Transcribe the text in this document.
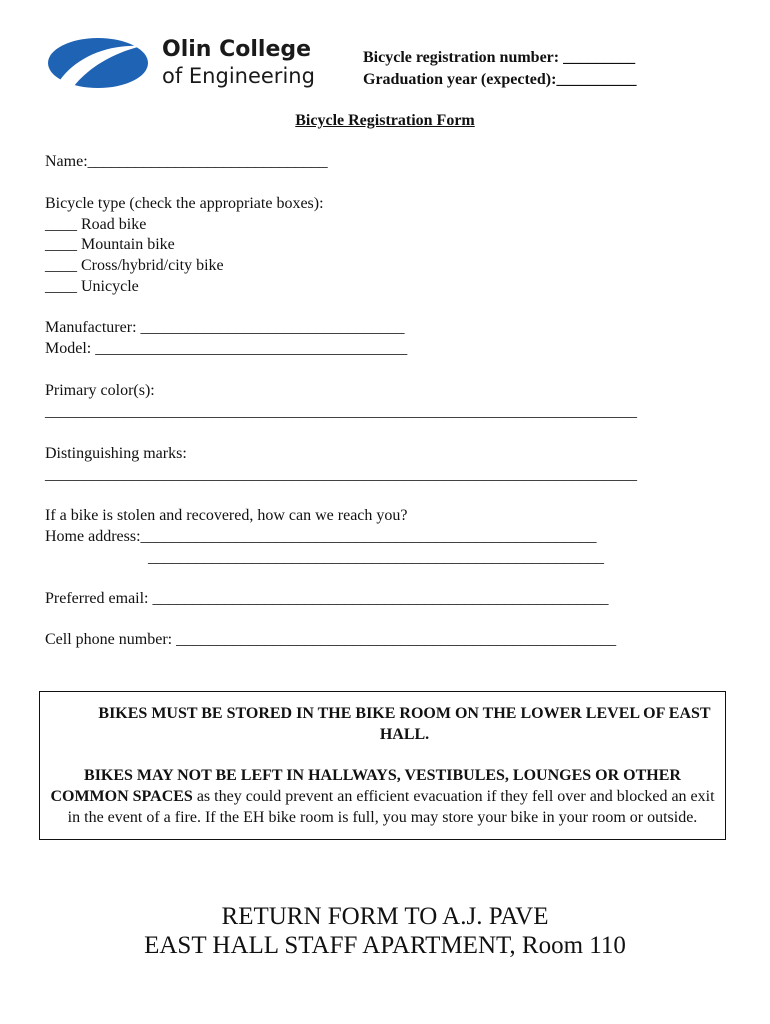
Olin College
of Engineering
Bicycle registration number: _________
Graduation year (expected):__________
Bicycle Registration Form
Name:______________________________
Bicycle type (check the appropriate boxes):
____ Road bike
____ Mountain bike
____ Cross/hybrid/city bike
____ Unicycle
Manufacturer: _________________________________
Model: _______________________________________
Primary color(s):
__________________________________________________________________________
Distinguishing marks:
__________________________________________________________________________
If a bike is stolen and recovered, how can we reach you?
Home address:_________________________________________________________
_________________________________________________________
Preferred email: _________________________________________________________
Cell phone number: _______________________________________________________

BIKES MUST BE STORED IN THE BIKE ROOM ON THE LOWER LEVEL OF EAST HALL.

BIKES MAY NOT BE LEFT IN HALLWAYS, VESTIBULES, LOUNGES OR OTHER COMMON SPACES as they could prevent an efficient evacuation if they fell over and blocked an exit in the event of a fire. If the EH bike room is full, you may store your bike in your room or outside.

RETURN FORM TO A.J. PAVE
EAST HALL STAFF APARTMENT, Room 110
